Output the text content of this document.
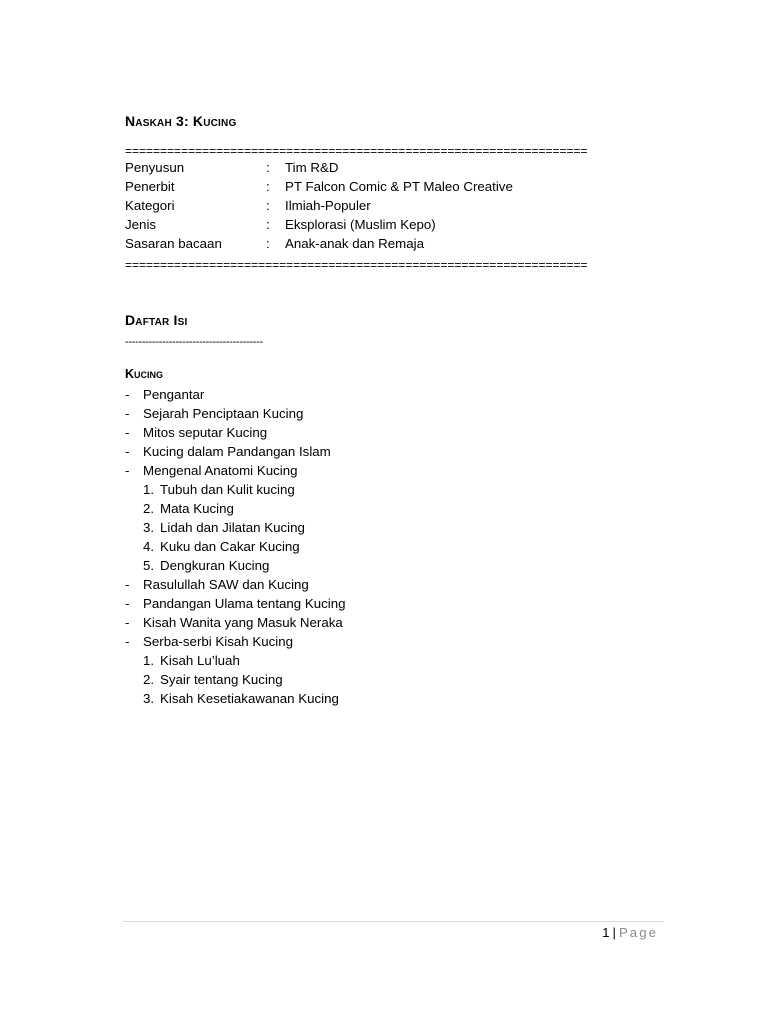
Naskah 3: Kucing
==================================================================
Penyusun	: Tim R&D
Penerbit	: PT Falcon Comic & PT Maleo Creative
Kategori	: Ilmiah-Populer
Jenis	: Eksplorasi (Muslim Kepo)
Sasaran bacaan	: Anak-anak dan Remaja
==================================================================
Daftar Isi
-----------------------------------------
Kucing
- Pengantar
- Sejarah Penciptaan Kucing
- Mitos seputar Kucing
- Kucing dalam Pandangan Islam
- Mengenal Anatomi Kucing
1. Tubuh dan Kulit kucing
2. Mata Kucing
3. Lidah dan Jilatan Kucing
4. Kuku dan Cakar Kucing
5. Dengkuran Kucing
- Rasulullah SAW dan Kucing
- Pandangan Ulama tentang Kucing
- Kisah Wanita yang Masuk Neraka
- Serba-serbi Kisah Kucing
1. Kisah Lu’luah
2. Syair tentang Kucing
3. Kisah Kesetiakawanan Kucing
1 | Page
